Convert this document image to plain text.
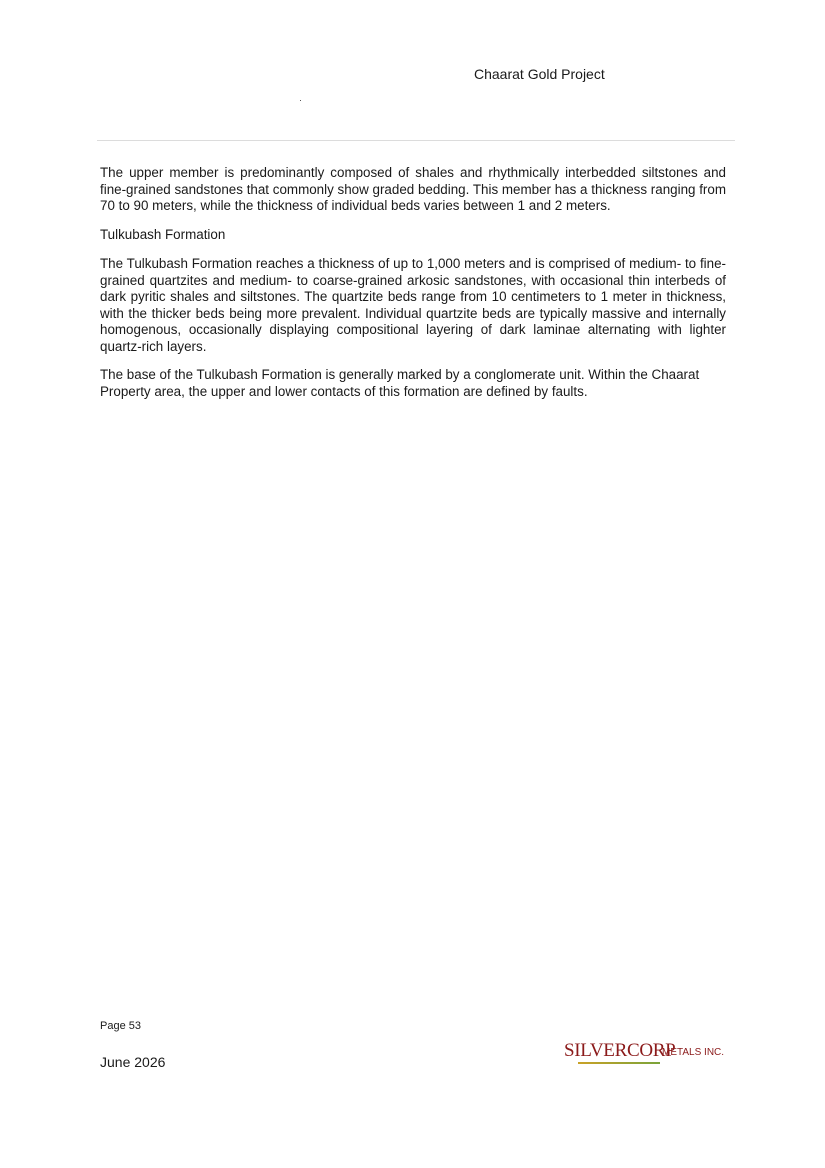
Chaarat Gold Project

The upper member is predominantly composed of shales and rhythmically interbedded siltstones and fine-grained sandstones that commonly show graded bedding. This member has a thickness ranging from 70 to 90 meters, while the thickness of individual beds varies between 1 and 2 meters.

Tulkubash Formation

The Tulkubash Formation reaches a thickness of up to 1,000 meters and is comprised of medium- to fine-grained quartzites and medium- to coarse-grained arkosic sandstones, with occasional thin interbeds of dark pyritic shales and siltstones. The quartzite beds range from 10 centimeters to 1 meter in thickness, with the thicker beds being more prevalent. Individual quartzite beds are typically massive and internally homogenous, occasionally displaying compositional layering of dark laminae alternating with lighter quartz-rich layers.

The base of the Tulkubash Formation is generally marked by a conglomerate unit. Within the Chaarat Property area, the upper and lower contacts of this formation are defined by faults.

Page 53
June 2026
SILVERCORP
METALS INC.
